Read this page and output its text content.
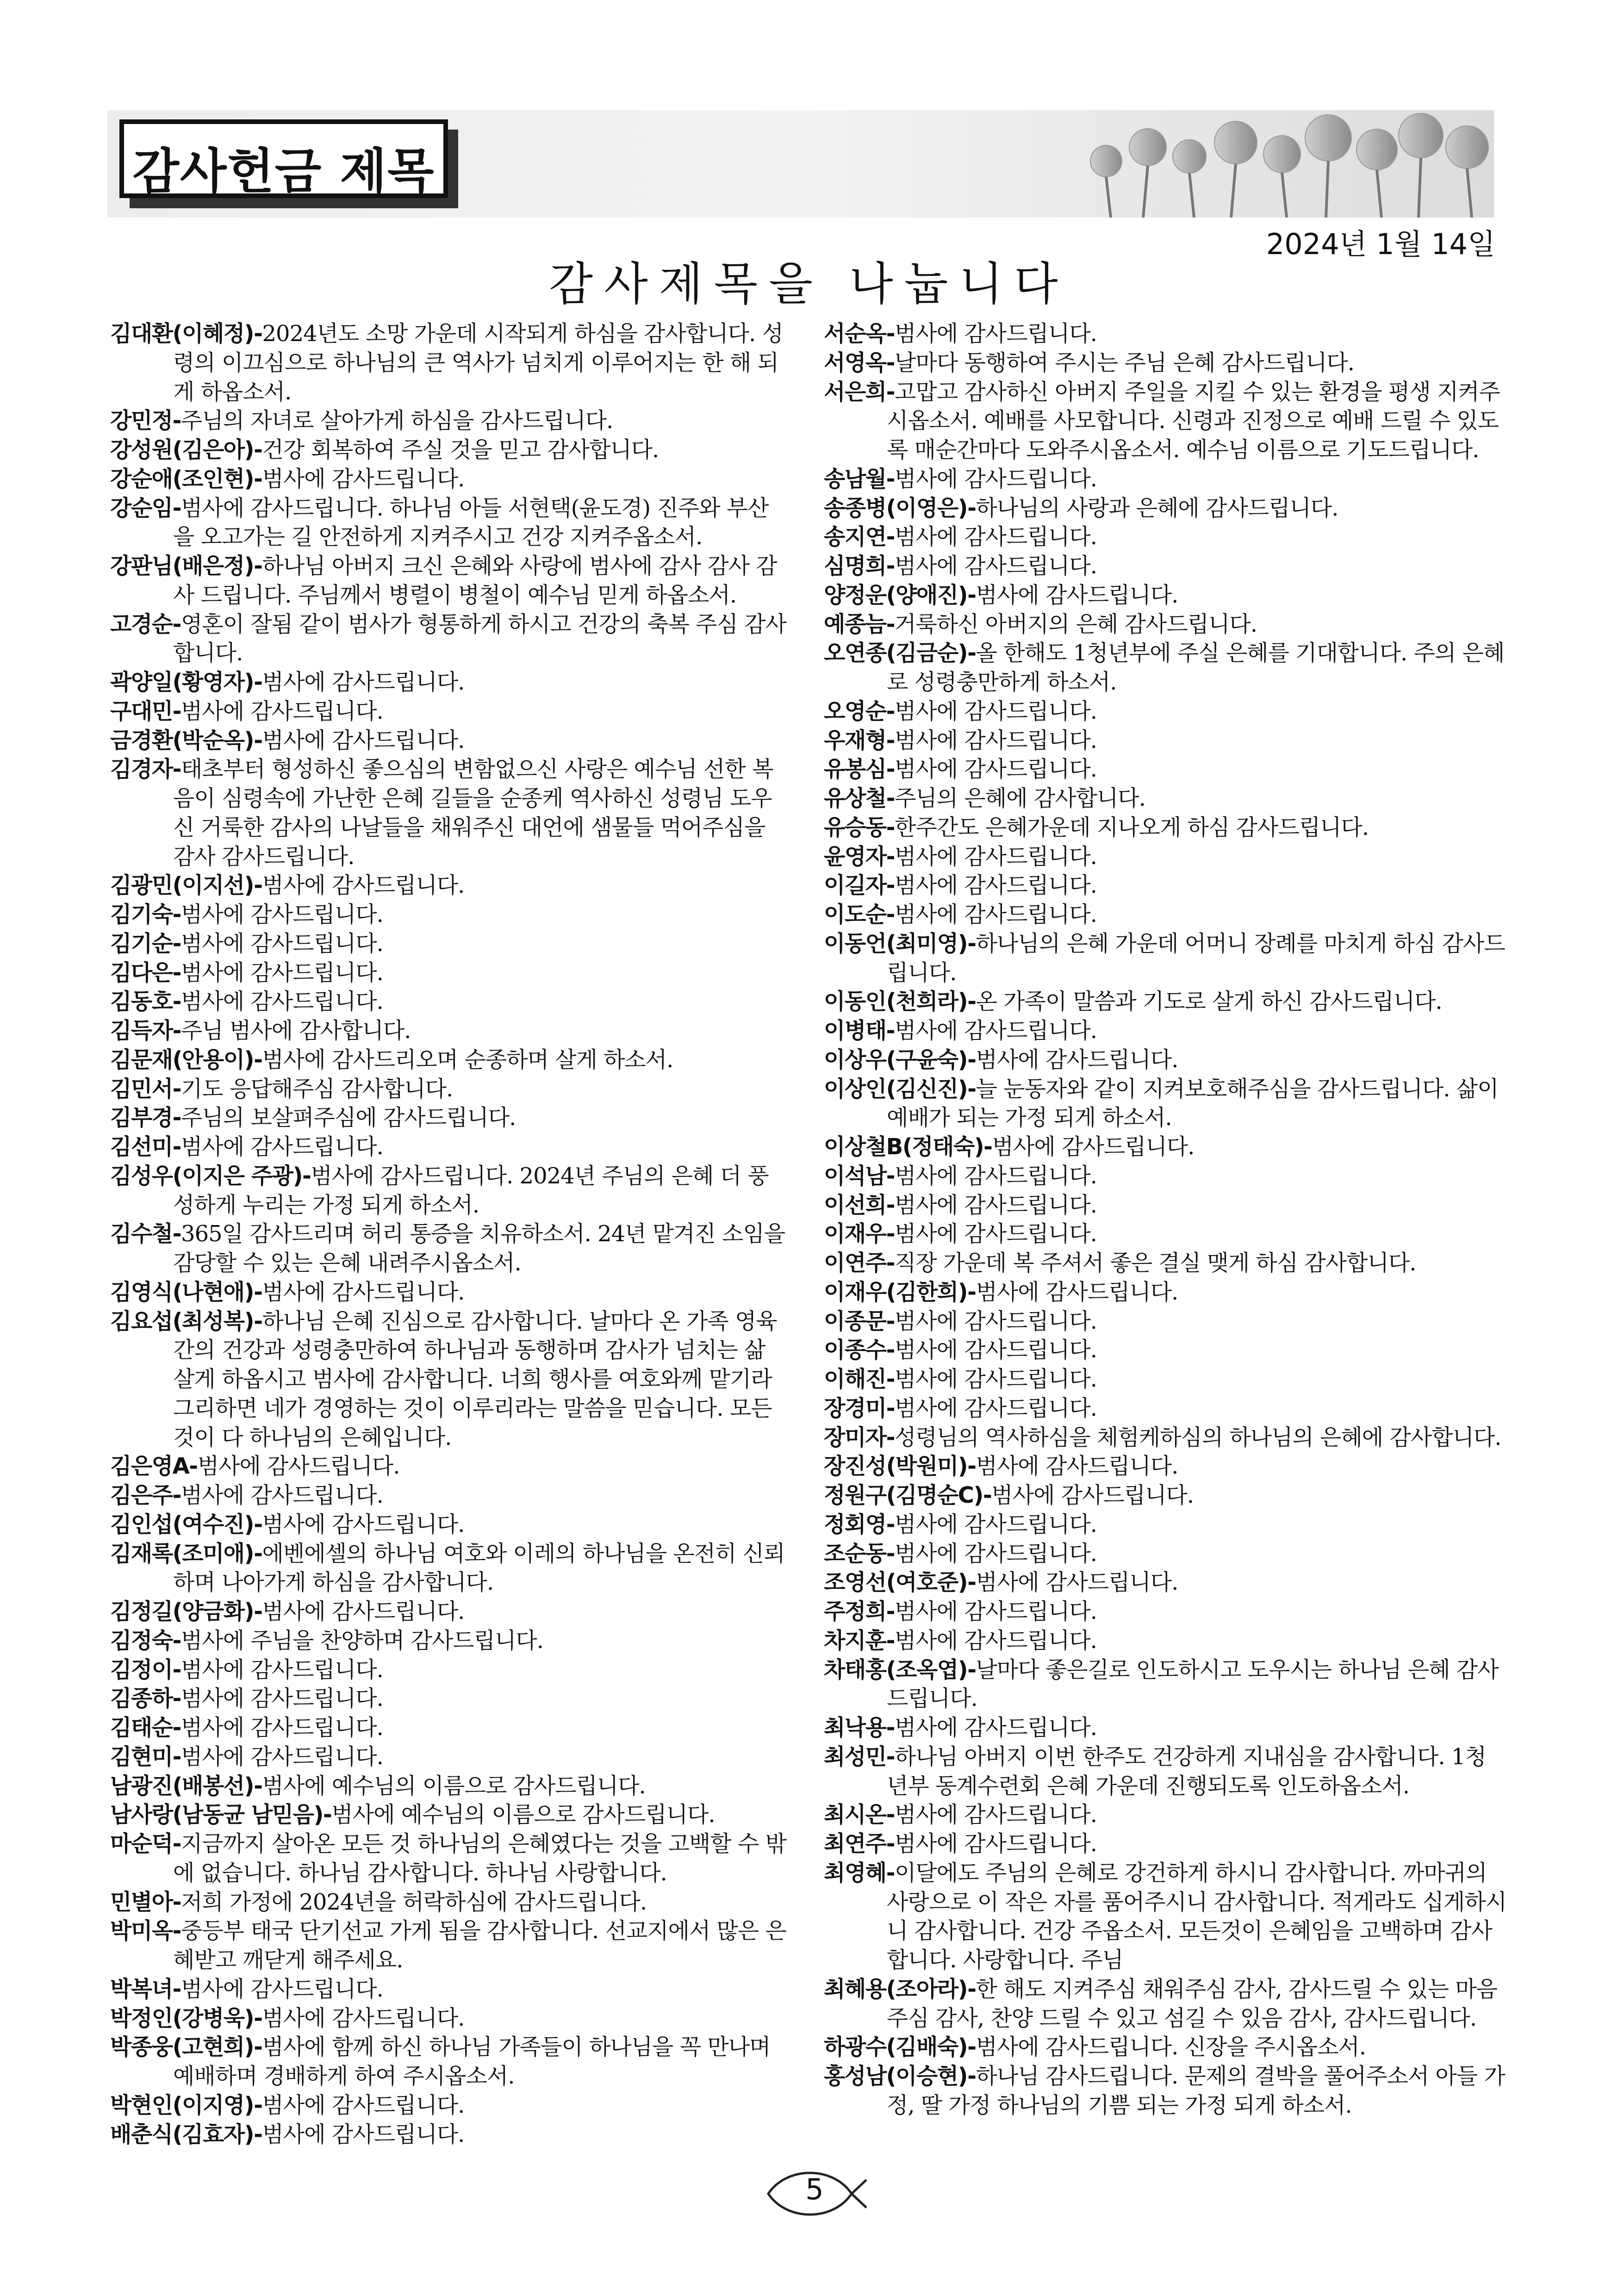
감사헌금 제목
2024년 1월 14일
감사제목을 나눕니다
김대환(이혜정)-2024년도 소망 가운데 시작되게 하심을 감사합니다. 성령의 이끄심으로 하나님의 큰 역사가 넘치게 이루어지는 한 해 되게 하옵소서.
강민정-주님의 자녀로 살아가게 하심을 감사드립니다.
강성원(김은아)-건강 회복하여 주실 것을 믿고 감사합니다.
강순애(조인현)-범사에 감사드립니다.
강순임-범사에 감사드립니다. 하나님 아들 서현택(윤도경) 진주와 부산을 오고가는 길 안전하게 지켜주시고 건강 지켜주옵소서.
강판님(배은정)-하나님 아버지 크신 은혜와 사랑에 범사에 감사 감사 감사 드립니다. 주님께서 병렬이 병철이 예수님 믿게 하옵소서.
고경순-영혼이 잘됨 같이 범사가 형통하게 하시고 건강의 축복 주심 감사합니다.
곽양일(황영자)-범사에 감사드립니다.
구대민-범사에 감사드립니다.
금경환(박순옥)-범사에 감사드립니다.
김경자-태초부터 형성하신 좋으심의 변함없으신 사랑은 예수님 선한 복음이 심령속에 가난한 은혜 길들을 순종케 역사하신 성령님 도우신 거룩한 감사의 나날들을 채워주신 대언에 샘물들 먹어주심을 감사 감사드립니다.
김광민(이지선)-범사에 감사드립니다.
김기숙-범사에 감사드립니다.
김기순-범사에 감사드립니다.
김다은-범사에 감사드립니다.
김동호-범사에 감사드립니다.
김득자-주님 범사에 감사합니다.
김문재(안용이)-범사에 감사드리오며 순종하며 살게 하소서.
김민서-기도 응답해주심 감사합니다.
김부경-주님의 보살펴주심에 감사드립니다.
김선미-범사에 감사드립니다.
김성우(이지은 주광)-범사에 감사드립니다. 2024년 주님의 은혜 더 풍성하게 누리는 가정 되게 하소서.
김수철-365일 감사드리며 허리 통증을 치유하소서. 24년 맡겨진 소임을 감당할 수 있는 은혜 내려주시옵소서.
김영식(나현애)-범사에 감사드립니다.
김요섭(최성복)-하나님 은혜 진심으로 감사합니다. 날마다 온 가족 영육간의 건강과 성령충만하여 하나님과 동행하며 감사가 넘치는 삶 살게 하옵시고 범사에 감사합니다. 너희 행사를 여호와께 맡기라 그리하면 네가 경영하는 것이 이루리라는 말씀을 믿습니다. 모든 것이 다 하나님의 은혜입니다.
김은영A-범사에 감사드립니다.
김은주-범사에 감사드립니다.
김인섭(여수진)-범사에 감사드립니다.
김재록(조미애)-에벤에셀의 하나님 여호와 이레의 하나님을 온전히 신뢰하며 나아가게 하심을 감사합니다.
김정길(양금화)-범사에 감사드립니다.
김정숙-범사에 주님을 찬양하며 감사드립니다.
김정이-범사에 감사드립니다.
김종하-범사에 감사드립니다.
김태순-범사에 감사드립니다.
김현미-범사에 감사드립니다.
남광진(배봉선)-범사에 예수님의 이름으로 감사드립니다.
남사랑(남동균 남믿음)-범사에 예수님의 이름으로 감사드립니다.
마순덕-지금까지 살아온 모든 것 하나님의 은혜였다는 것을 고백할 수 밖에 없습니다. 하나님 감사합니다. 하나님 사랑합니다.
민별아-저희 가정에 2024년을 허락하심에 감사드립니다.
박미옥-중등부 태국 단기선교 가게 됨을 감사합니다. 선교지에서 많은 은혜받고 깨닫게 해주세요.
박복녀-범사에 감사드립니다.
박정인(강병욱)-범사에 감사드립니다.
박종웅(고현희)-범사에 함께 하신 하나님 가족들이 하나님을 꼭 만나며 예배하며 경배하게 하여 주시옵소서.
박현인(이지영)-범사에 감사드립니다.
배춘식(김효자)-범사에 감사드립니다.
서순옥-범사에 감사드립니다.
서영옥-날마다 동행하여 주시는 주님 은혜 감사드립니다.
서은희-고맙고 감사하신 아버지 주일을 지킬 수 있는 환경을 평생 지켜주시옵소서. 예배를 사모합니다. 신령과 진정으로 예배 드릴 수 있도록 매순간마다 도와주시옵소서. 예수님 이름으로 기도드립니다.
송남월-범사에 감사드립니다.
송종병(이영은)-하나님의 사랑과 은혜에 감사드립니다.
송지연-범사에 감사드립니다.
심명희-범사에 감사드립니다.
양정운(양애진)-범사에 감사드립니다.
예종늠-거룩하신 아버지의 은혜 감사드립니다.
오연종(김금순)-올 한해도 1청년부에 주실 은혜를 기대합니다. 주의 은혜로 성령충만하게 하소서.
오영순-범사에 감사드립니다.
우재형-범사에 감사드립니다.
유봉심-범사에 감사드립니다.
유상철-주님의 은혜에 감사합니다.
유승동-한주간도 은혜가운데 지나오게 하심 감사드립니다.
윤영자-범사에 감사드립니다.
이길자-범사에 감사드립니다.
이도순-범사에 감사드립니다.
이동언(최미영)-하나님의 은혜 가운데 어머니 장례를 마치게 하심 감사드립니다.
이동인(천희라)-온 가족이 말씀과 기도로 살게 하신 감사드립니다.
이병태-범사에 감사드립니다.
이상우(구윤숙)-범사에 감사드립니다.
이상인(김신진)-늘 눈동자와 같이 지켜보호해주심을 감사드립니다. 삶이 예배가 되는 가정 되게 하소서.
이상철B(정태숙)-범사에 감사드립니다.
이석남-범사에 감사드립니다.
이선희-범사에 감사드립니다.
이재우-범사에 감사드립니다.
이연주-직장 가운데 복 주셔서 좋은 결실 맺게 하심 감사합니다.
이재우(김한희)-범사에 감사드립니다.
이종문-범사에 감사드립니다.
이종수-범사에 감사드립니다.
이해진-범사에 감사드립니다.
장경미-범사에 감사드립니다.
장미자-성령님의 역사하심을 체험케하심의 하나님의 은혜에 감사합니다.
장진성(박원미)-범사에 감사드립니다.
정원구(김명순C)-범사에 감사드립니다.
정회영-범사에 감사드립니다.
조순동-범사에 감사드립니다.
조영선(여호준)-범사에 감사드립니다.
주정희-범사에 감사드립니다.
차지훈-범사에 감사드립니다.
차태홍(조옥엽)-날마다 좋은길로 인도하시고 도우시는 하나님 은혜 감사드립니다.
최낙용-범사에 감사드립니다.
최성민-하나님 아버지 이번 한주도 건강하게 지내심을 감사합니다. 1청년부 동계수련회 은혜 가운데 진행되도록 인도하옵소서.
최시온-범사에 감사드립니다.
최연주-범사에 감사드립니다.
최영혜-이달에도 주님의 은혜로 강건하게 하시니 감사합니다. 까마귀의 사랑으로 이 작은 자를 품어주시니 감사합니다. 적게라도 십게하시니 감사합니다. 건강 주옵소서. 모든것이 은혜임을 고백하며 감사합니다. 사랑합니다. 주님
최혜용(조아라)-한 해도 지켜주심 채워주심 감사, 감사드릴 수 있는 마음 주심 감사, 찬양 드릴 수 있고 섬길 수 있음 감사, 감사드립니다.
하광수(김배숙)-범사에 감사드립니다. 신장을 주시옵소서.
홍성남(이승현)-하나님 감사드립니다. 문제의 결박을 풀어주소서 아들 가정, 딸 가정 하나님의 기쁨 되는 가정 되게 하소서.
5
